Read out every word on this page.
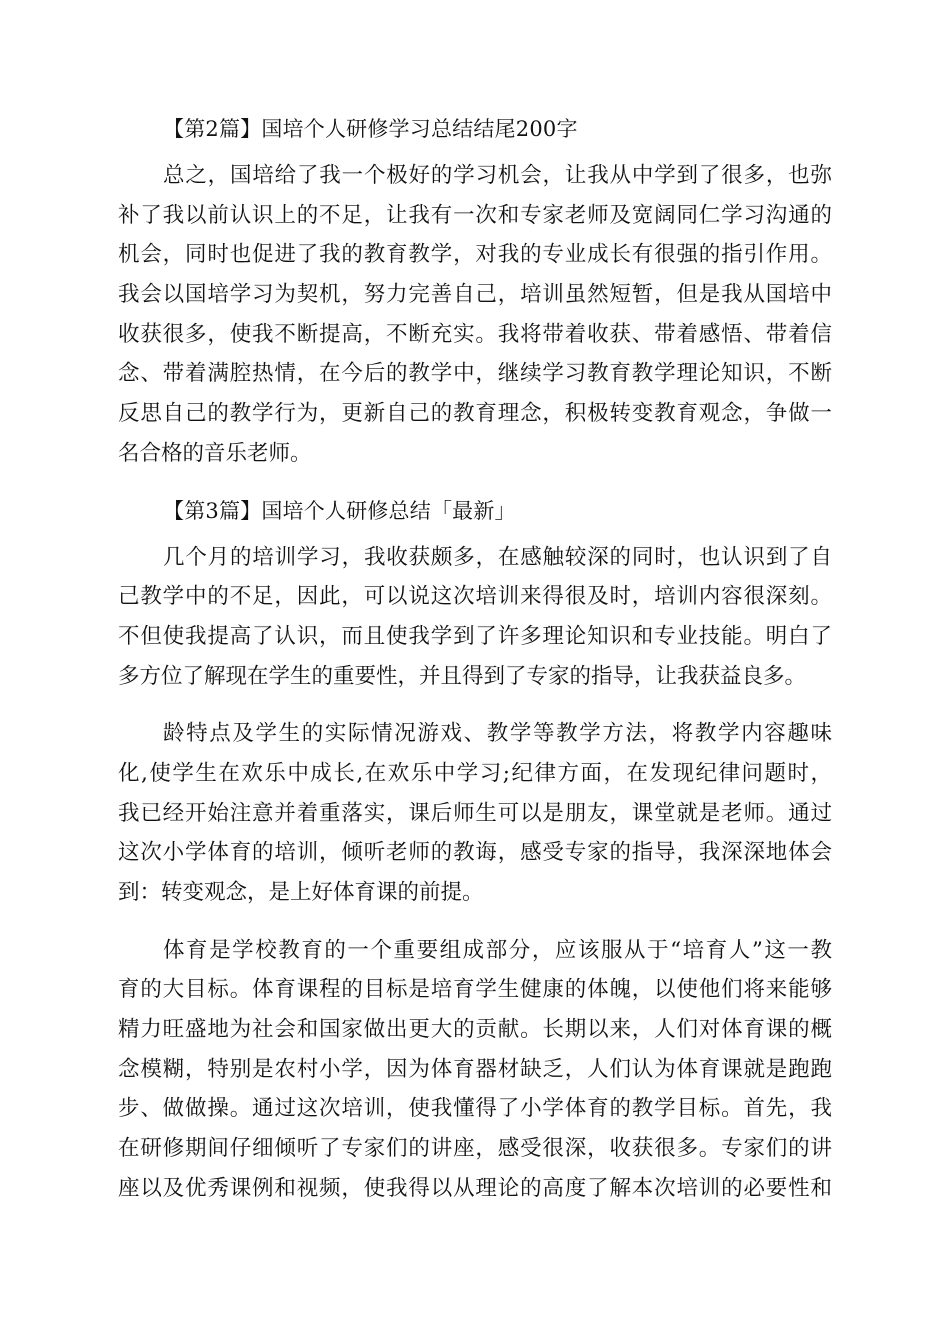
【第2篇】国培个人研修学习总结结尾200字
总之，国培给了我一个极好的学习机会，让我从中学到了很多，也弥
补了我以前认识上的不足，让我有一次和专家老师及宽阔同仁学习沟通的
机会，同时也促进了我的教育教学，对我的专业成长有很强的指引作用。
我会以国培学习为契机，努力完善自己，培训虽然短暂，但是我从国培中
收获很多，使我不断提高，不断充实。我将带着收获、带着感悟、带着信
念、带着满腔热情，在今后的教学中，继续学习教育教学理论知识，不断
反思自己的教学行为，更新自己的教育理念，积极转变教育观念，争做一
名合格的音乐老师。
【第3篇】国培个人研修总结「最新」
几个月的培训学习，我收获颇多，在感触较深的同时，也认识到了自
己教学中的不足，因此，可以说这次培训来得很及时，培训内容很深刻。
不但使我提高了认识，而且使我学到了许多理论知识和专业技能。明白了
多方位了解现在学生的重要性，并且得到了专家的指导，让我获益良多。
龄特点及学生的实际情况游戏、教学等教学方法，将教学内容趣味
化,使学生在欢乐中成长,在欢乐中学习;纪律方面，在发现纪律问题时，
我已经开始注意并着重落实，课后师生可以是朋友，课堂就是老师。通过
这次小学体育的培训，倾听老师的教诲，感受专家的指导，我深深地体会
到：转变观念，是上好体育课的前提。
体育是学校教育的一个重要组成部分，应该服从于“培育人”这一教
育的大目标。体育课程的目标是培育学生健康的体魄，以使他们将来能够
精力旺盛地为社会和国家做出更大的贡献。长期以来，人们对体育课的概
念模糊，特别是农村小学，因为体育器材缺乏，人们认为体育课就是跑跑
步、做做操。通过这次培训，使我懂得了小学体育的教学目标。首先，我
在研修期间仔细倾听了专家们的讲座，感受很深，收获很多。专家们的讲
座以及优秀课例和视频，使我得以从理论的高度了解本次培训的必要性和
